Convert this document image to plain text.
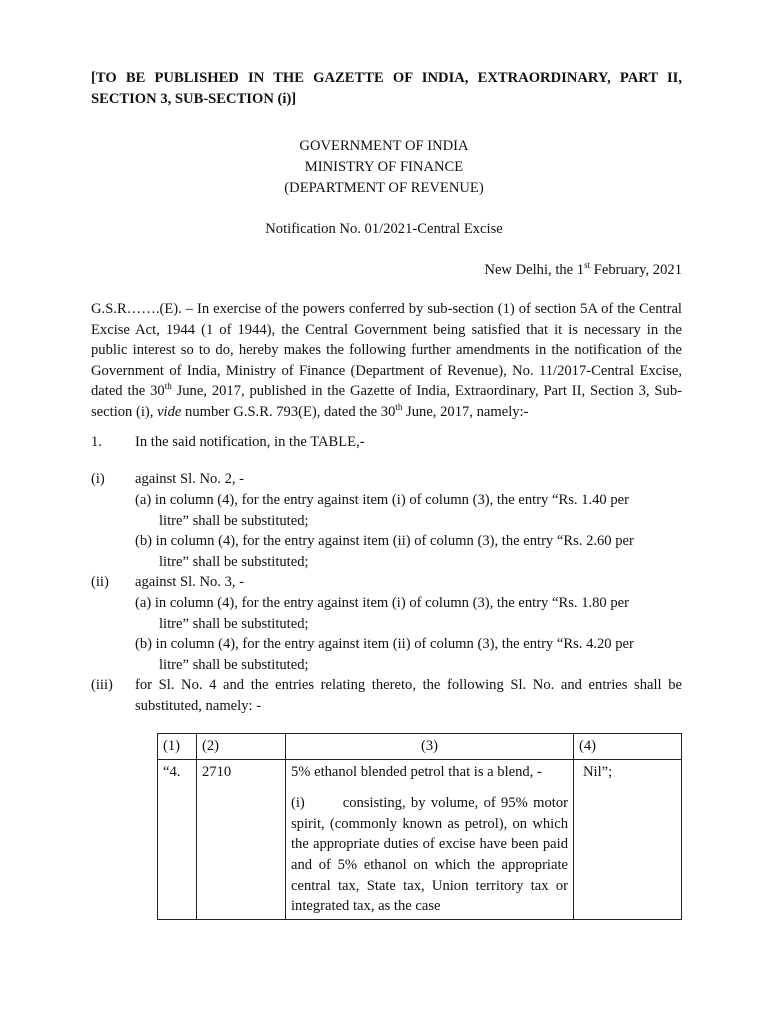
[TO BE PUBLISHED IN THE GAZETTE OF INDIA, EXTRAORDINARY, PART II, SECTION 3, SUB-SECTION (i)]
GOVERNMENT OF INDIA
MINISTRY OF FINANCE
(DEPARTMENT OF REVENUE)
Notification No. 01/2021-Central Excise
New Delhi, the 1st February, 2021

G.S.R…….(E). – In exercise of the powers conferred by sub-section (1) of section 5A of the Central Excise Act, 1944 (1 of 1944), the Central Government being satisfied that it is necessary in the public interest so to do, hereby makes the following further amendments in the notification of the Government of India, Ministry of Finance (Department of Revenue), No. 11/2017-Central Excise, dated the 30th June, 2017, published in the Gazette of India, Extraordinary, Part II, Section 3, Sub-section (i), vide number G.S.R. 793(E), dated the 30th June, 2017, namely:-

1. In the said notification, in the TABLE,-
(i) against Sl. No. 2, -
(a) in column (4), for the entry against item (i) of column (3), the entry “Rs. 1.40 per
litre” shall be substituted;
(b) in column (4), for the entry against item (ii) of column (3), the entry “Rs. 2.60 per
litre” shall be substituted;
(ii) against Sl. No. 3, -
(a) in column (4), for the entry against item (i) of column (3), the entry “Rs. 1.80 per
litre” shall be substituted;
(b) in column (4), for the entry against item (ii) of column (3), the entry “Rs. 4.20 per
litre” shall be substituted;
(iii) for Sl. No. 4 and the entries relating thereto, the following Sl. No. and entries shall be substituted, namely: -
(1)	(2)	(3)	(4)
“4.	2710	5% ethanol blended petrol that is a blend, -

(i) consisting, by volume, of 95% motor spirit, (commonly known as petrol), on which the appropriate duties of excise have been paid and of 5% ethanol on which the appropriate central tax, State tax, Union territory tax or integrated tax, as the case	Nil”;
